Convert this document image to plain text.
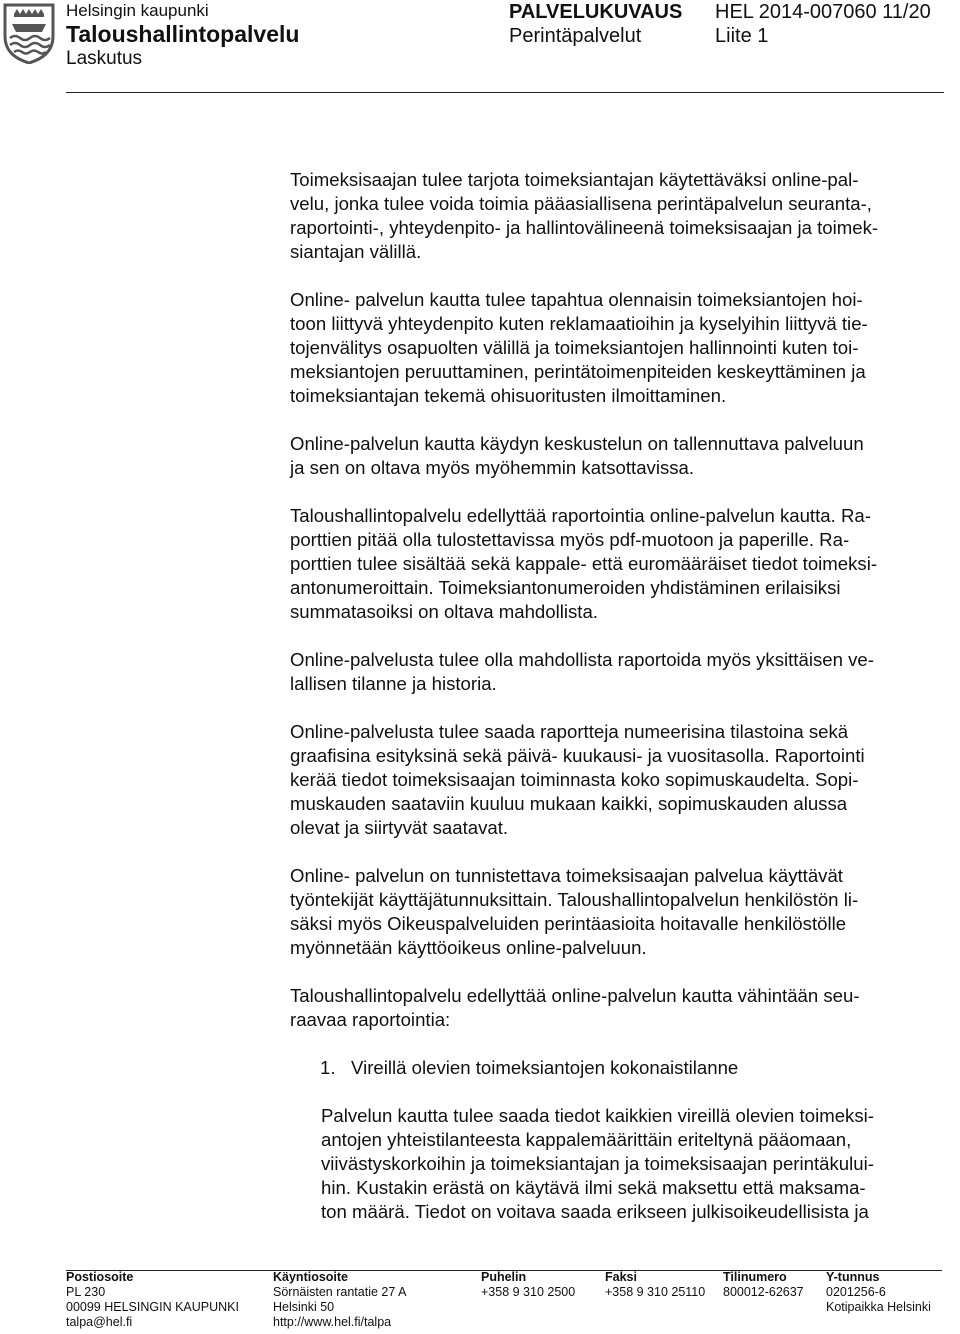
Helsingin kaupunki
Taloushallintopalvelu
Laskutus
PALVELUKUVAUS HEL 2014-007060 11/20
Perintäpalvelut	Liite 1

Toimeksisaajan tulee tarjota toimeksiantajan käytettäväksi online-pal-
velu, jonka tulee voida toimia pääasiallisena perintäpalvelun seuranta-,
raportointi-, yhteydenpito- ja hallintovälineenä toimeksisaajan ja toimek-
siantajan välillä.

Online- palvelun kautta tulee tapahtua olennaisin toimeksiantojen hoi-
toon liittyvä yhteydenpito kuten reklamaatioihin ja kyselyihin liittyvä tie-
tojenvälitys osapuolten välillä ja toimeksiantojen hallinnointi kuten toi-
meksiantojen peruuttaminen, perintätoimenpiteiden keskeyttäminen ja
toimeksiantajan tekemä ohisuoritusten ilmoittaminen.

Online-palvelun kautta käydyn keskustelun on tallennuttava palveluun
ja sen on oltava myös myöhemmin katsottavissa.

Taloushallintopalvelu edellyttää raportointia online-palvelun kautta. Ra-
porttien pitää olla tulostettavissa myös pdf-muotoon ja paperille. Ra-
porttien tulee sisältää sekä kappale- että euromääräiset tiedot toimeksi-
antonumeroittain. Toimeksiantonumeroiden yhdistäminen erilaisiksi
summatasoiksi on oltava mahdollista.

Online-palvelusta tulee olla mahdollista raportoida myös yksittäisen ve-
lallisen tilanne ja historia.

Online-palvelusta tulee saada raportteja numeerisina tilastoina sekä
graafisina esityksinä sekä päivä- kuukausi- ja vuositasolla. Raportointi
kerää tiedot toimeksisaajan toiminnasta koko sopimuskaudelta. Sopi-
muskauden saataviin kuuluu mukaan kaikki, sopimuskauden alussa
olevat ja siirtyvät saatavat.

Online- palvelun on tunnistettava toimeksisaajan palvelua käyttävät
työntekijät käyttäjätunnuksittain. Taloushallintopalvelun henkilöstön li-
säksi myös Oikeuspalveluiden perintäasioita hoitavalle henkilöstölle
myönnetään käyttöoikeus online-palveluun.

Taloushallintopalvelu edellyttää online-palvelun kautta vähintään seu-
raavaa raportointia:

1. Vireillä olevien toimeksiantojen kokonaistilanne

Palvelun kautta tulee saada tiedot kaikkien vireillä olevien toimeksi-
antojen yhteistilanteesta kappalemäärittäin eriteltynä pääomaan,
viivästyskorkoihin ja toimeksiantajan ja toimeksisaajan perintäkului-
hin. Kustakin erästä on käytävä ilmi sekä maksettu että maksama-
ton määrä. Tiedot on voitava saada erikseen julkisoikeudellisista ja

Postiosoite
PL 230
00099 HELSINGIN KAUPUNKI
talpa@hel.fi
Käyntiosoite
Sörnäisten rantatie 27 A
Helsinki 50
http://www.hel.fi/talpa
Puhelin
+358 9 310 2500
Faksi
+358 9 310 25110
Tilinumero
800012-62637
Y-tunnus
0201256-6
Kotipaikka Helsinki
